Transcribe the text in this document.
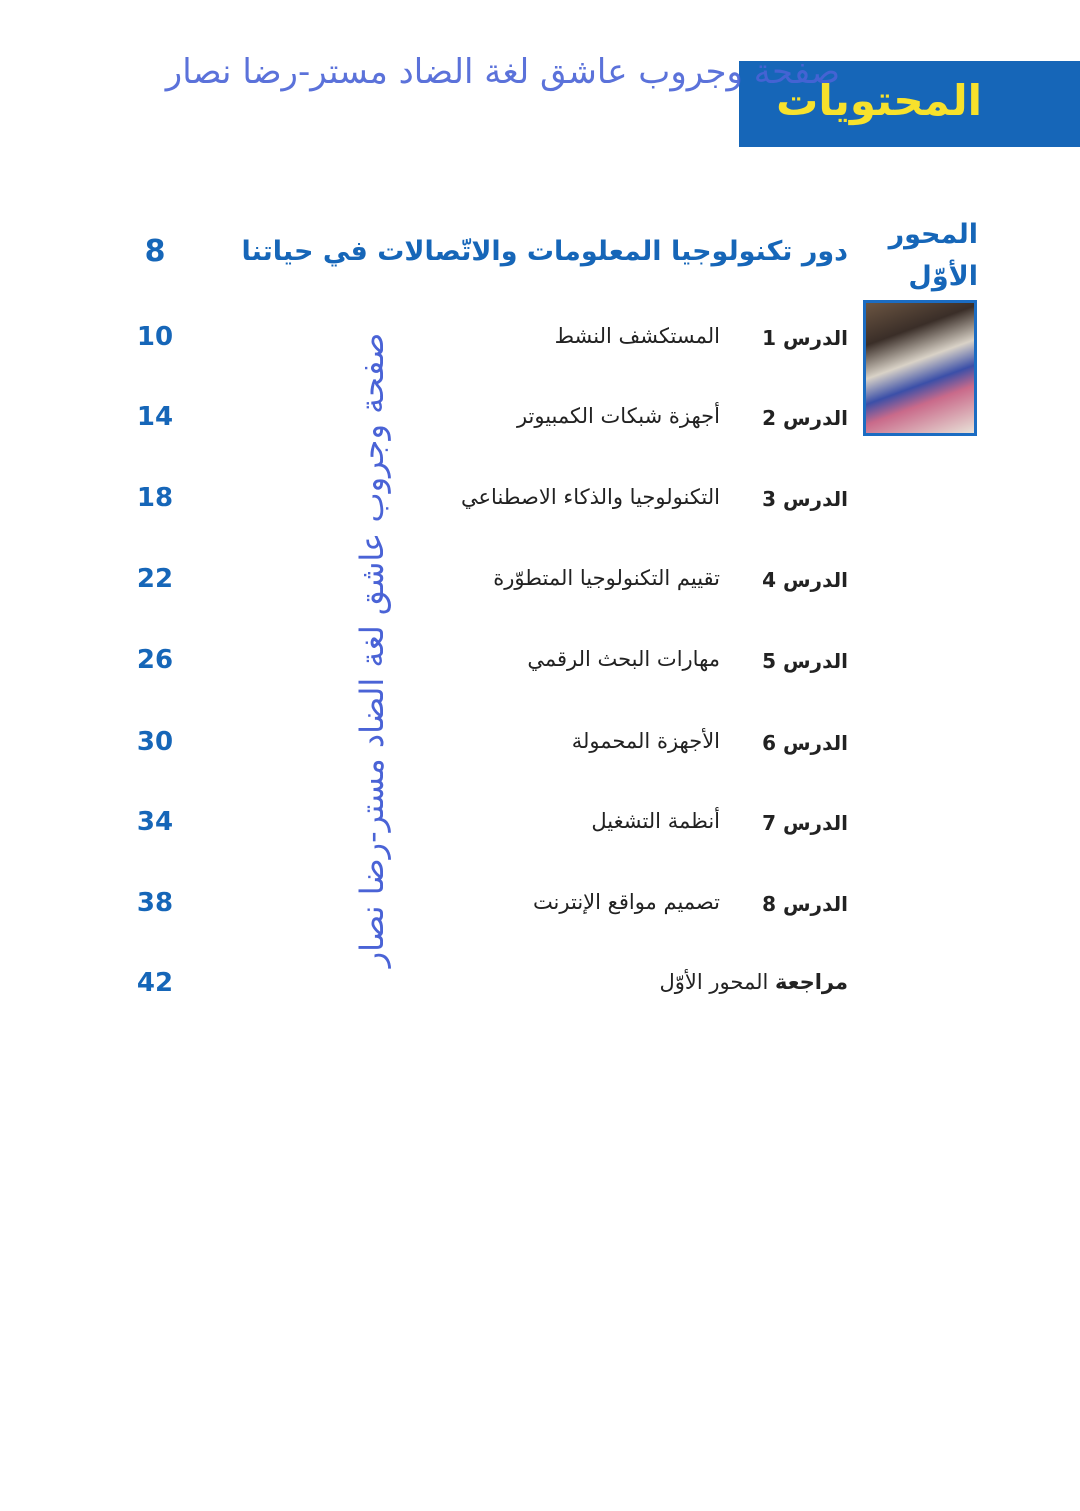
المحتويات
صفحة وجروب عاشق لغة الضاد مستر-رضا نصار
المحور
الأوّل
دور تكنولوجيا المعلومات والاتّصالات في حياتنا
8
الدرس 1
المستكشف النشط
10
الدرس 2
أجهزة شبكات الكمبيوتر
14
الدرس 3
التكنولوجيا والذكاء الاصطناعي
18
الدرس 4
تقييم التكنولوجيا المتطوّرة
22
الدرس 5
مهارات البحث الرقمي
26
الدرس 6
الأجهزة المحمولة
30
الدرس 7
أنظمة التشغيل
34
الدرس 8
تصميم مواقع الإنترنت
38
مراجعة المحور الأوّل
42
صفحة وجروب عاشق لغة الضاد مستر-رضا نصار
